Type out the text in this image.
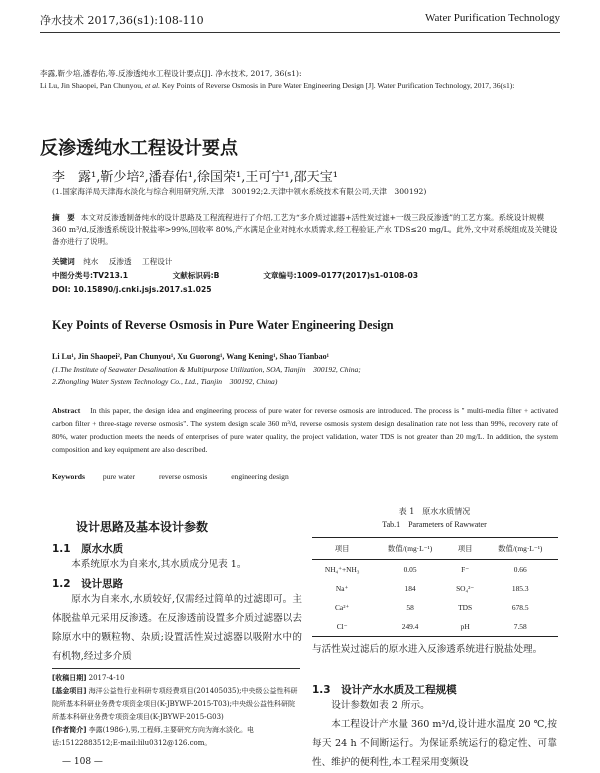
净水技术 2017,36(s1):108-110	Water Purification Technology
李露,靳少培,潘春佑,等.反渗透纯水工程设计要点[J]. 净水技术, 2017, 36(s1):
Li Lu, Jin Shaopei, Pan Chunyou, et al. Key Points of Reverse Osmosis in Pure Water Engineering Design [J]. Water Purification Technology, 2017, 36(s1):
反渗透纯水工程设计要点
李　露¹,靳少培²,潘春佑¹,徐国荣¹,王可宁¹,邵天宝¹
(1.国家海洋局天津海水淡化与综合利用研究所,天津　300192;2.天津中领水系统技术有限公司,天津　300192)
摘　要 本文对反渗透制备纯水的设计思路及工程流程进行了介绍,工艺为“多介质过滤器+活性炭过滤+一级三段反渗透”的工艺方案。系统设计规模 360 m³/d,反渗透系统设计脱盐率>99%,回收率 80%,产水满足企业对纯水水质需求,经工程验证,产水 TDS≤20 mg/L。此外,文中对系统组成及关键设备亦进行了说明。
关键词 纯水 反渗透 工程设计
中图分类号:TV213.1	文献标识码:B	文章编号:1009-0177(2017)s1-0108-03
DOI: 10.15890/j.cnki.jsjs.2017.s1.025
Key Points of Reverse Osmosis in Pure Water Engineering Design
Li Lu¹, Jin Shaopei², Pan Chunyou¹, Xu Guorong¹, Wang Kening¹, Shao Tianbao¹
(1.The Institute of Seawater Desalination & Multipurpose Utilization, SOA, Tianjin　300192, China;
2.Zhongling Water System Technology Co., Ltd., Tianjin　300192, China)
Abstract In this paper, the design idea and engineering process of pure water for reverse osmosis are introduced. The process is " multi-media filter + activated carbon filter + three-stage reverse osmosis". The system design scale 360 m³/d, reverse osmosis system design desalination rate not less than 99%, recovery rate of 80%, water production meets the needs of enterprises of pure water quality, the project validation, water TDS is not greater than 20 mg/L. In addition, the system composition and key equipment are also described.
Keywords pure water	reverse osmosis	engineering design
设计思路及基本设计参数
1.1　原水水质
本系统原水为自来水,其水质成分见表 1。
1.2　设计思路
原水为自来水,水质较好,仅需经过简单的过滤即可。主体脱盐单元采用反渗透。在反渗透前设置多介质过滤器以去除原水中的颗粒物、杂质;设置活性炭过滤器以吸附水中的有机物,经过多介质
[收稿日期] 2017-4-10
[基金项目] 海洋公益性行业科研专项经费项目(201405035);中央级公益性科研院所基本科研业务费专项资金项目(K-JBYWF-2015-T03);中央级公益性科研院所基本科研业务费专项资金项目(K-JBYWF-2015-G03)
[作者简介] 李露(1986-),男,工程师,主要研究方向为海水淡化。电话:15122883512;E-mail:lilu0312@126.com。
表 1　原水水质情况
Tab.1　Parameters of Rawwater
项目	数值/(mg·L⁻¹)	项目	数值/(mg·L⁻¹)
NH₄⁺+NH₃	0.05	F⁻	0.66
Na⁺	184	SO₄²⁻	185.3
Ca²⁺	58	TDS	678.5
Cl⁻	249.4	pH	7.58
与活性炭过滤后的原水进入反渗透系统进行脱盐处理。
1.3　设计产水水质及工程规模
设计参数如表 2 所示。
本工程设计产水量 360 m³/d,设计进水温度 20 ℃,按每天 24 h 不间断运行。为保证系统运行的稳定性、可靠性、维护的便利性,本工程采用变频设
— 108 —
